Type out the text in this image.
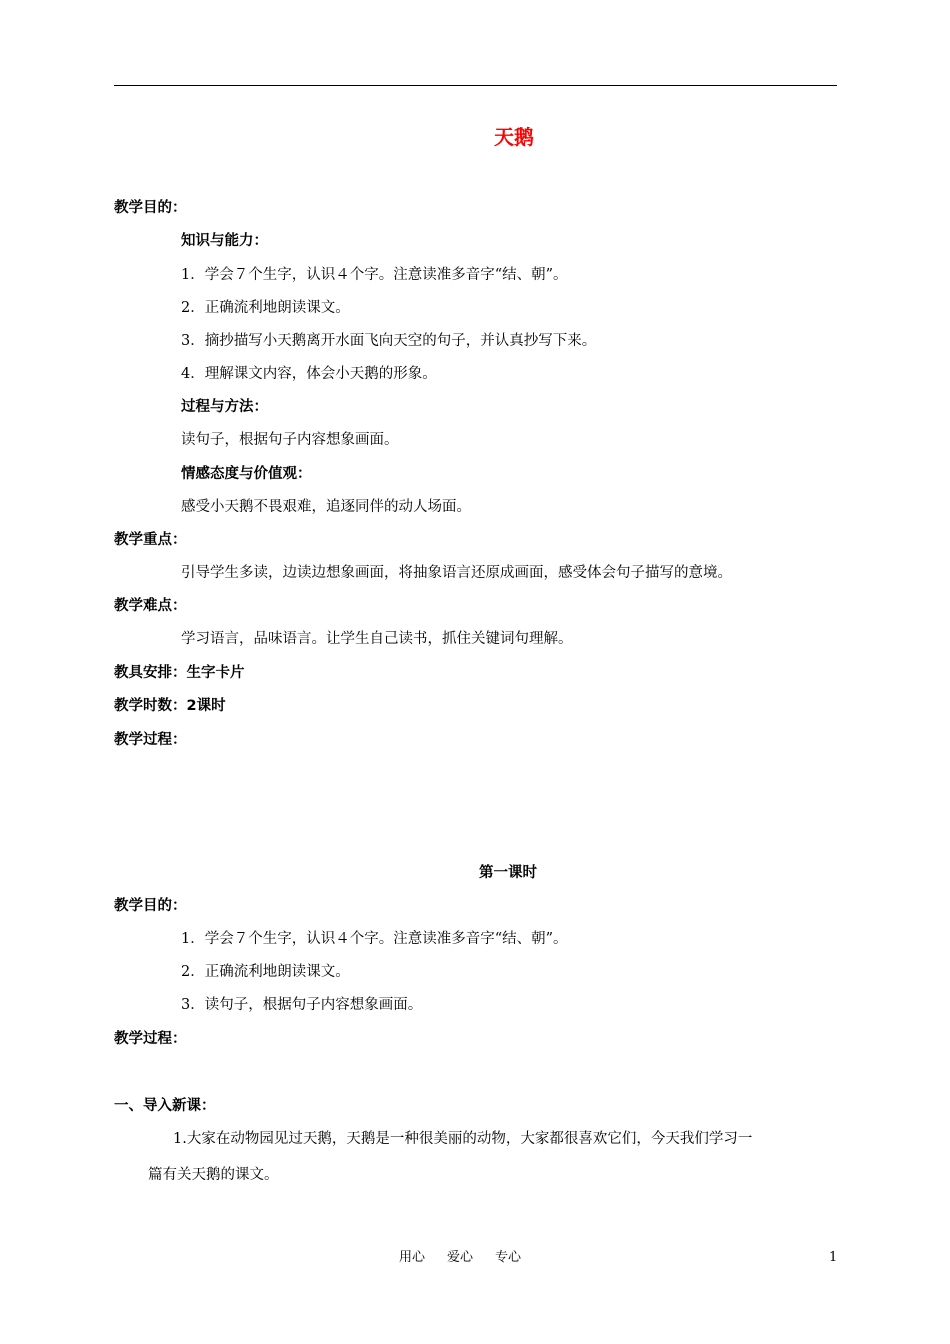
天鹅
教学目的：
知识与能力：
1．学会７个生字，认识４个字。注意读准多音字“结、朝”。
2．正确流利地朗读课文。
3．摘抄描写小天鹅离开水面飞向天空的句子，并认真抄写下来。
4．理解课文内容，体会小天鹅的形象。
过程与方法：
读句子，根据句子内容想象画面。
情感态度与价值观：
感受小天鹅不畏艰难，追逐同伴的动人场面。
教学重点：
引导学生多读，边读边想象画面，将抽象语言还原成画面，感受体会句子描写的意境。
教学难点：
学习语言，品味语言。让学生自己读书，抓住关键词句理解。
教具安排：生字卡片
教学时数：2课时
教学过程：
第一课时
教学目的：
1．学会７个生字，认识４个字。注意读准多音字“结、朝”。
2．正确流利地朗读课文。
3．读句子，根据句子内容想象画面。
教学过程：
一、导入新课：
1.大家在动物园见过天鹅，天鹅是一种很美丽的动物，大家都很喜欢它们，今天我们学习一
篇有关天鹅的课文。
用心 爱心 专心	1
